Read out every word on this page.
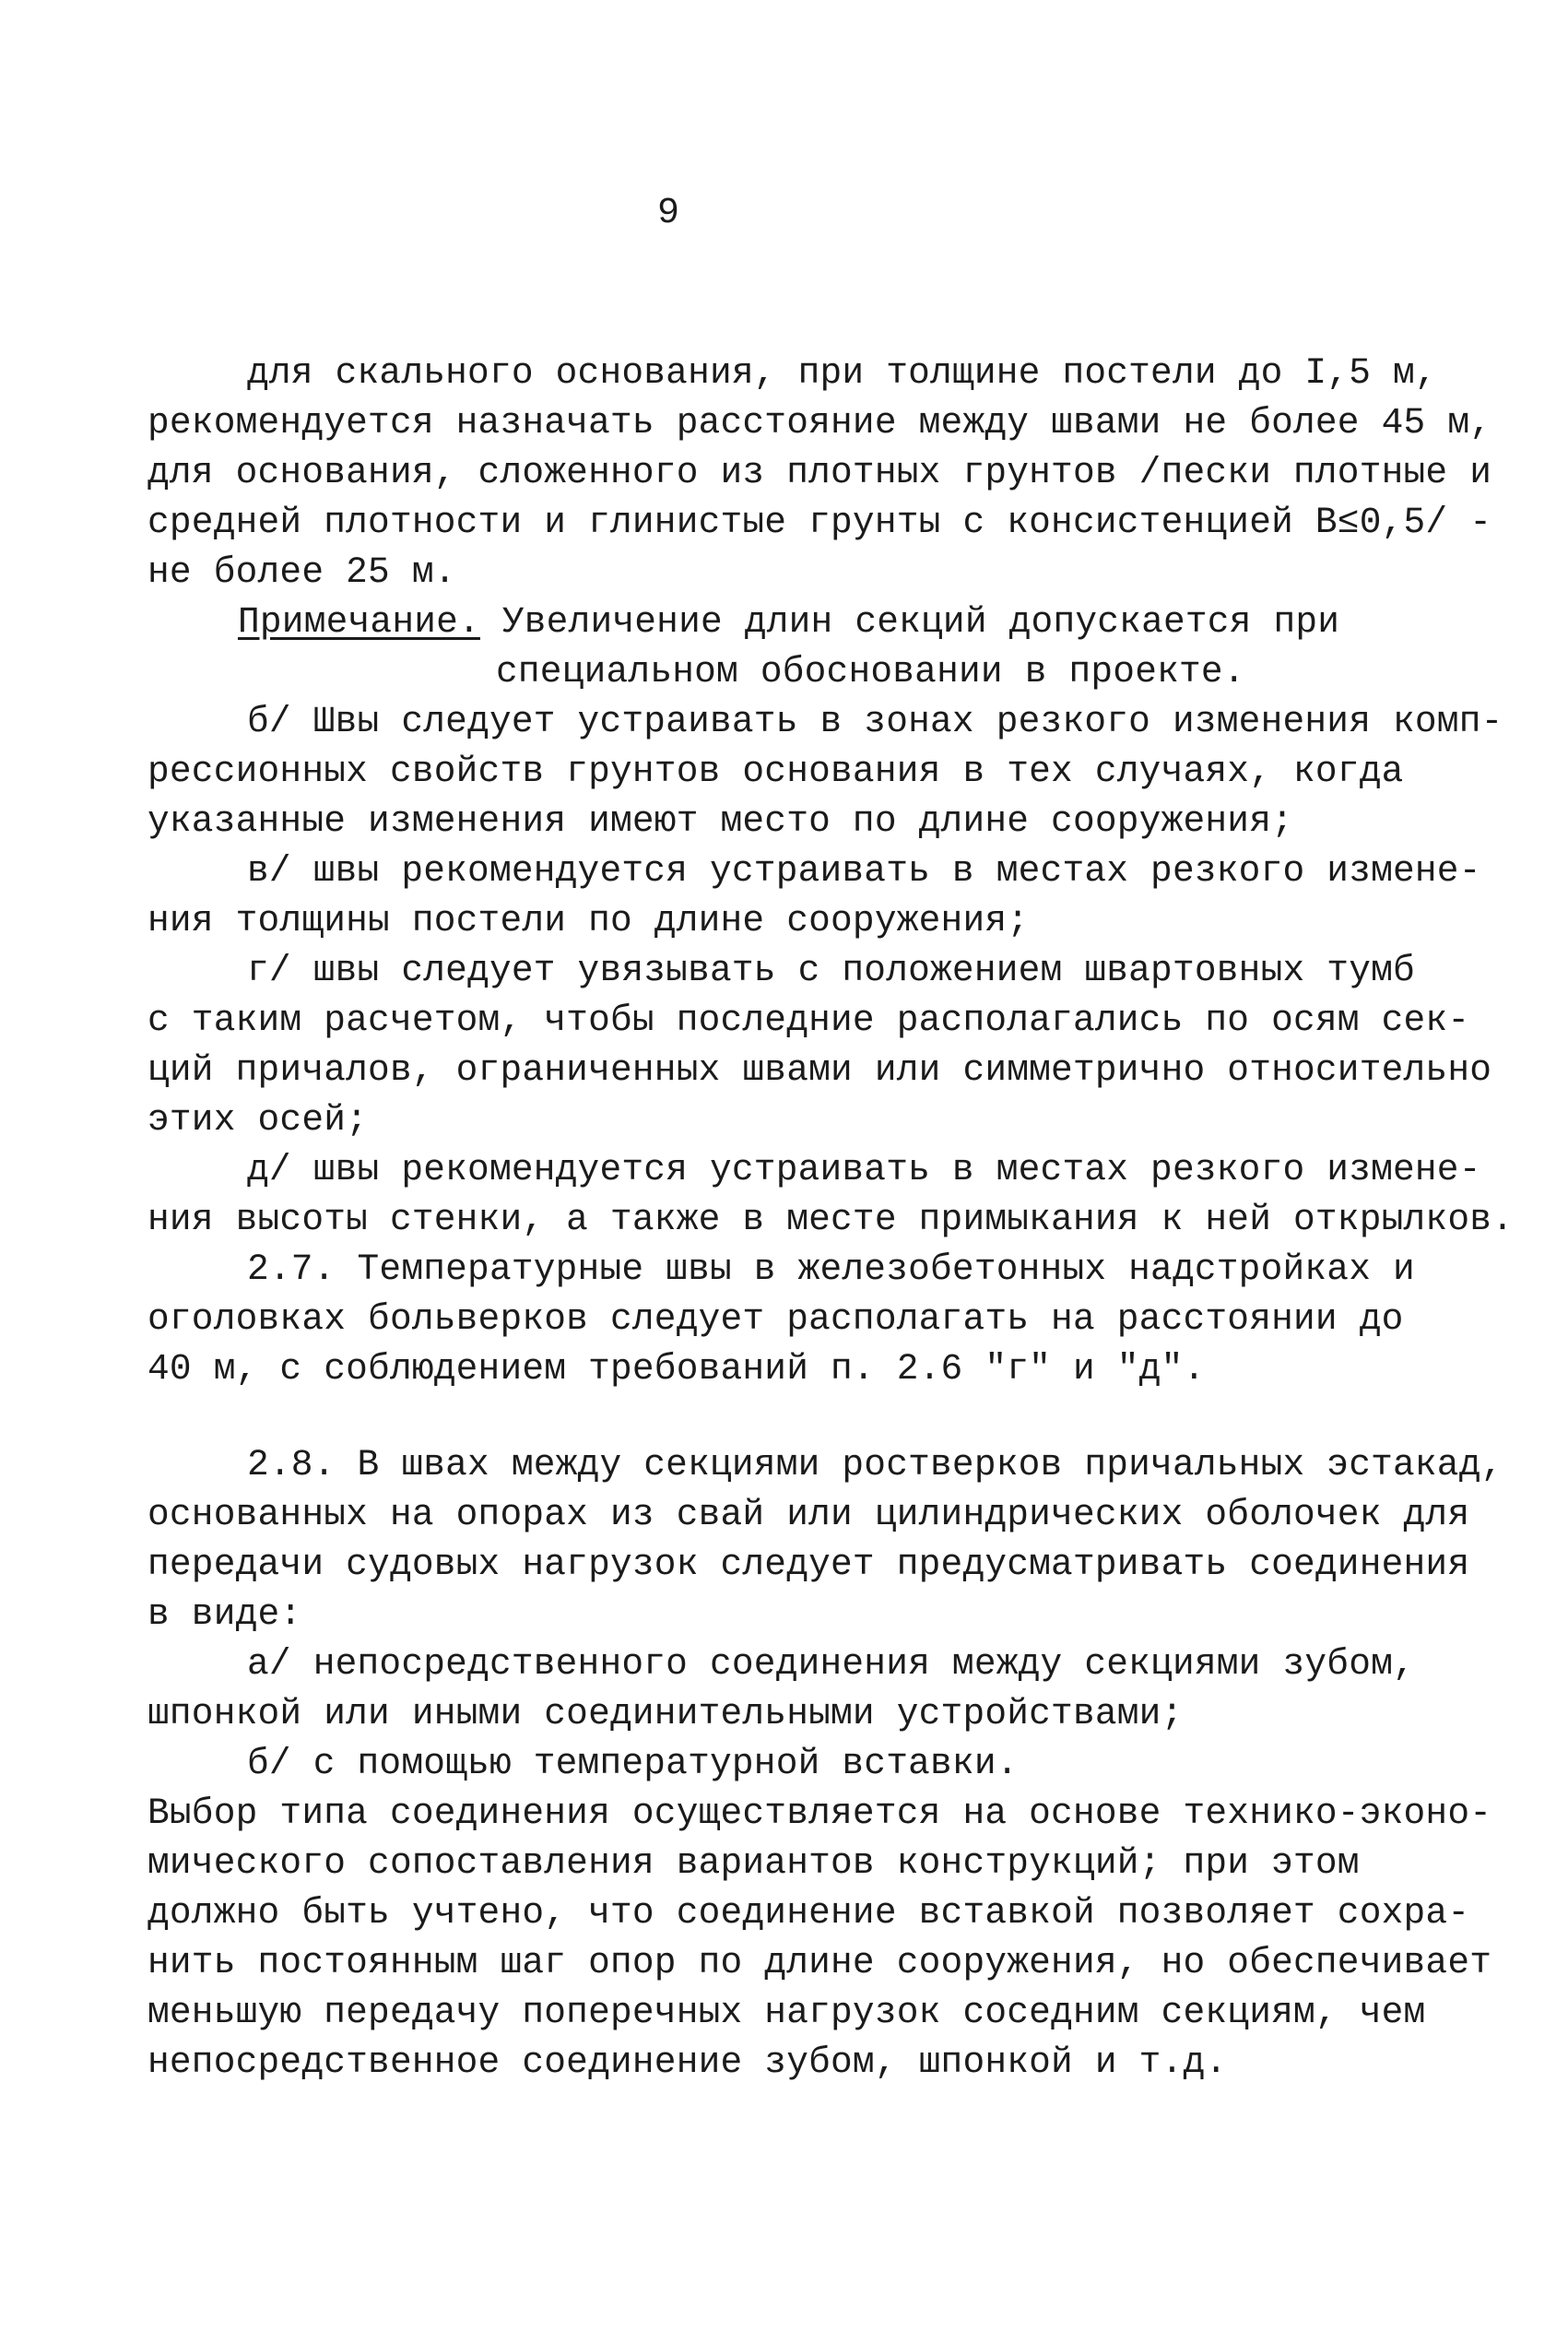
9
для скального основания, при толщине постели до I,5 м,
рекомендуется назначать расстояние между швами не более 45 м,
для основания, сложенного из плотных грунтов /пески плотные и
средней плотности и глинистые грунты с консистенцией B≤0,5/ -
не более 25 м.
Примечание. Увеличение длин секций допускается при
специальном обосновании в проекте.
б/ Швы следует устраивать в зонах резкого изменения комп-
рессионных свойств грунтов основания в тех случаях, когда
указанные изменения имеют место по длине сооружения;
в/ швы рекомендуется устраивать в местах резкого измене-
ния толщины постели по длине сооружения;
г/ швы следует увязывать с положением швартовных тумб
с таким расчетом, чтобы последние располагались по осям сек-
ций причалов, ограниченных швами или симметрично относительно
этих осей;
д/ швы рекомендуется устраивать в местах резкого измене-
ния высоты стенки, а также в месте примыкания к ней открылков.
2.7. Температурные швы в железобетонных надстройках и
оголовках больверков следует располагать на расстоянии до
40 м, с соблюдением требований п. 2.6 "г" и "д".
2.8. В швах между секциями ростверков причальных эстакад,
основанных на опорах из свай или цилиндрических оболочек для
передачи судовых нагрузок следует предусматривать соединения
в виде:
а/ непосредственного соединения между секциями зубом,
шпонкой или иными соединительными устройствами;
б/ с помощью температурной вставки.
Выбор типа соединения осуществляется на основе технико-эконо-
мического сопоставления вариантов конструкций; при этом
должно быть учтено, что соединение вставкой позволяет сохра-
нить постоянным шаг опор по длине сооружения, но обеспечивает
меньшую передачу поперечных нагрузок соседним секциям, чем
непосредственное соединение зубом, шпонкой и т.д.
